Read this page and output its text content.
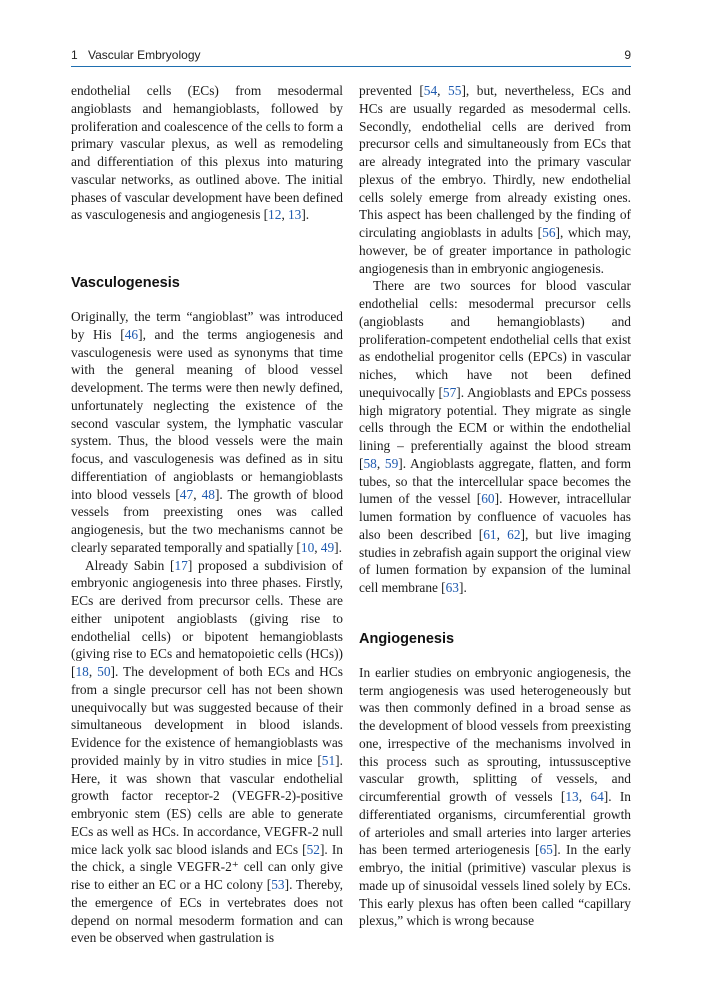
1 Vascular Embryology	9

endothelial cells (ECs) from mesodermal angioblasts and hemangioblasts, followed by proliferation and coalescence of the cells to form a primary vascular plexus, as well as remodeling and differentiation of this plexus into maturing vascular networks, as outlined above. The initial phases of vascular development have been defined as vasculogenesis and angiogenesis [12, 13].

Vasculogenesis

Originally, the term “angioblast” was introduced by His [46], and the terms angiogenesis and vasculogenesis were used as synonyms that time with the general meaning of blood vessel development. The terms were then newly defined, unfortunately neglecting the existence of the second vascular system, the lymphatic vascular system. Thus, the blood vessels were the main focus, and vasculogenesis was defined as in situ differentiation of angioblasts or hemangioblasts into blood vessels [47, 48]. The growth of blood vessels from preexisting ones was called angiogenesis, but the two mechanisms cannot be clearly separated temporally and spatially [10, 49].

Already Sabin [17] proposed a subdivision of embryonic angiogenesis into three phases. Firstly, ECs are derived from precursor cells. These are either unipotent angioblasts (giving rise to endothelial cells) or bipotent hemangioblasts (giving rise to ECs and hematopoietic cells (HCs)) [18, 50]. The development of both ECs and HCs from a single precursor cell has not been shown unequivocally but was suggested because of their simultaneous development in blood islands. Evidence for the existence of hemangioblasts was provided mainly by in vitro studies in mice [51]. Here, it was shown that vascular endothelial growth factor receptor-2 (VEGFR-2)-positive embryonic stem (ES) cells are able to generate ECs as well as HCs. In accordance, VEGFR-2 null mice lack yolk sac blood islands and ECs [52]. In the chick, a single VEGFR-2⁺ cell can only give rise to either an EC or a HC colony [53]. Thereby, the emergence of ECs in vertebrates does not depend on normal mesoderm formation and can even be observed when gastrulation is

prevented [54, 55], but, nevertheless, ECs and HCs are usually regarded as mesodermal cells. Secondly, endothelial cells are derived from precursor cells and simultaneously from ECs that are already integrated into the primary vascular plexus of the embryo. Thirdly, new endothelial cells solely emerge from already existing ones. This aspect has been challenged by the finding of circulating angioblasts in adults [56], which may, however, be of greater importance in pathologic angiogenesis than in embryonic angiogenesis.

There are two sources for blood vascular endothelial cells: mesodermal precursor cells (angioblasts and hemangioblasts) and proliferation-competent endothelial cells that exist as endothelial progenitor cells (EPCs) in vascular niches, which have not been defined unequivocally [57]. Angioblasts and EPCs possess high migratory potential. They migrate as single cells through the ECM or within the endothelial lining – preferentially against the blood stream [58, 59]. Angioblasts aggregate, flatten, and form tubes, so that the intercellular space becomes the lumen of the vessel [60]. However, intracellular lumen formation by confluence of vacuoles has also been described [61, 62], but live imaging studies in zebrafish again support the original view of lumen formation by expansion of the luminal cell membrane [63].

Angiogenesis

In earlier studies on embryonic angiogenesis, the term angiogenesis was used heterogeneously but was then commonly defined in a broad sense as the development of blood vessels from preexisting one, irrespective of the mechanisms involved in this process such as sprouting, intussusceptive vascular growth, splitting of vessels, and circumferential growth of vessels [13, 64]. In differentiated organisms, circumferential growth of arterioles and small arteries into larger arteries has been termed arteriogenesis [65]. In the early embryo, the initial (primitive) vascular plexus is made up of sinusoidal vessels lined solely by ECs. This early plexus has often been called “capillary plexus,” which is wrong because
